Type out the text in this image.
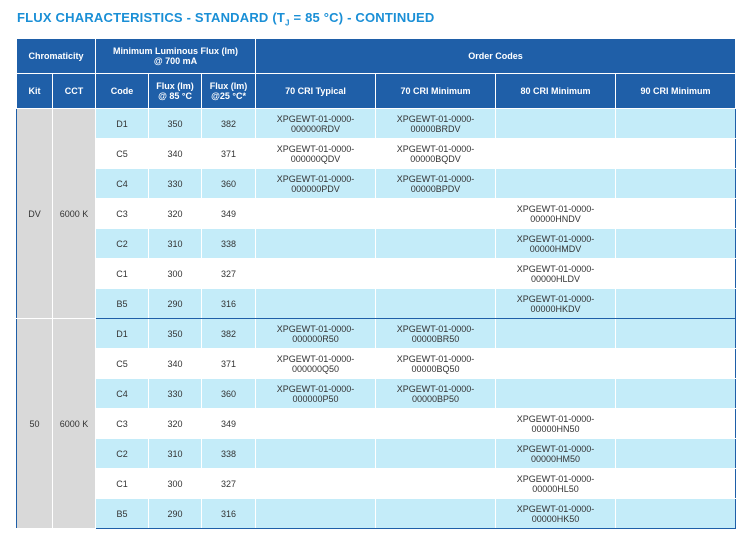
FLUX CHARACTERISTICS - STANDARD ($T_J = 85$ °C) - CONTINUED
Chromaticity		Minimum Luminous Flux (lm)
@ 700 mA			Order Codes			
Kit	CCT	Code	Flux (lm)
@ 85 °C	Flux (lm)
@25 °C*	70 CRI Typical	70 CRI Minimum	80 CRI Minimum	90 CRI Minimum
DV	6000 K	D1	350	382	XPGEWT-01-0000-
000000RDV	XPGEWT-01-0000-
00000BRDV	

		C5	340	371	XPGEWT-01-0000-
000000QDV	XPGEWT-01-0000-
00000BQDV	

		C4	330	360	XPGEWT-01-0000-
000000PDV	XPGEWT-01-0000-
00000BPDV	

		C3	320	349			XPGEWT-01-0000-
00000HNDV	

		C2	310	338			XPGEWT-01-0000-
00000HMDV	

		C1	300	327			XPGEWT-01-0000-
00000HLDV	

		B5	290	316			XPGEWT-01-0000-
00000HKDV	

50	6000 K	D1	350	382	XPGEWT-01-0000-
000000R50	XPGEWT-01-0000-
00000BR50	

		C5	340	371	XPGEWT-01-0000-
000000Q50	XPGEWT-01-0000-
00000BQ50	

		C4	330	360	XPGEWT-01-0000-
000000P50	XPGEWT-01-0000-
00000BP50	

		C3	320	349			XPGEWT-01-0000-
00000HN50	

		C2	310	338			XPGEWT-01-0000-
00000HM50	

		C1	300	327			XPGEWT-01-0000-
00000HL50	

		B5	290	316			XPGEWT-01-0000-
00000HK50	
